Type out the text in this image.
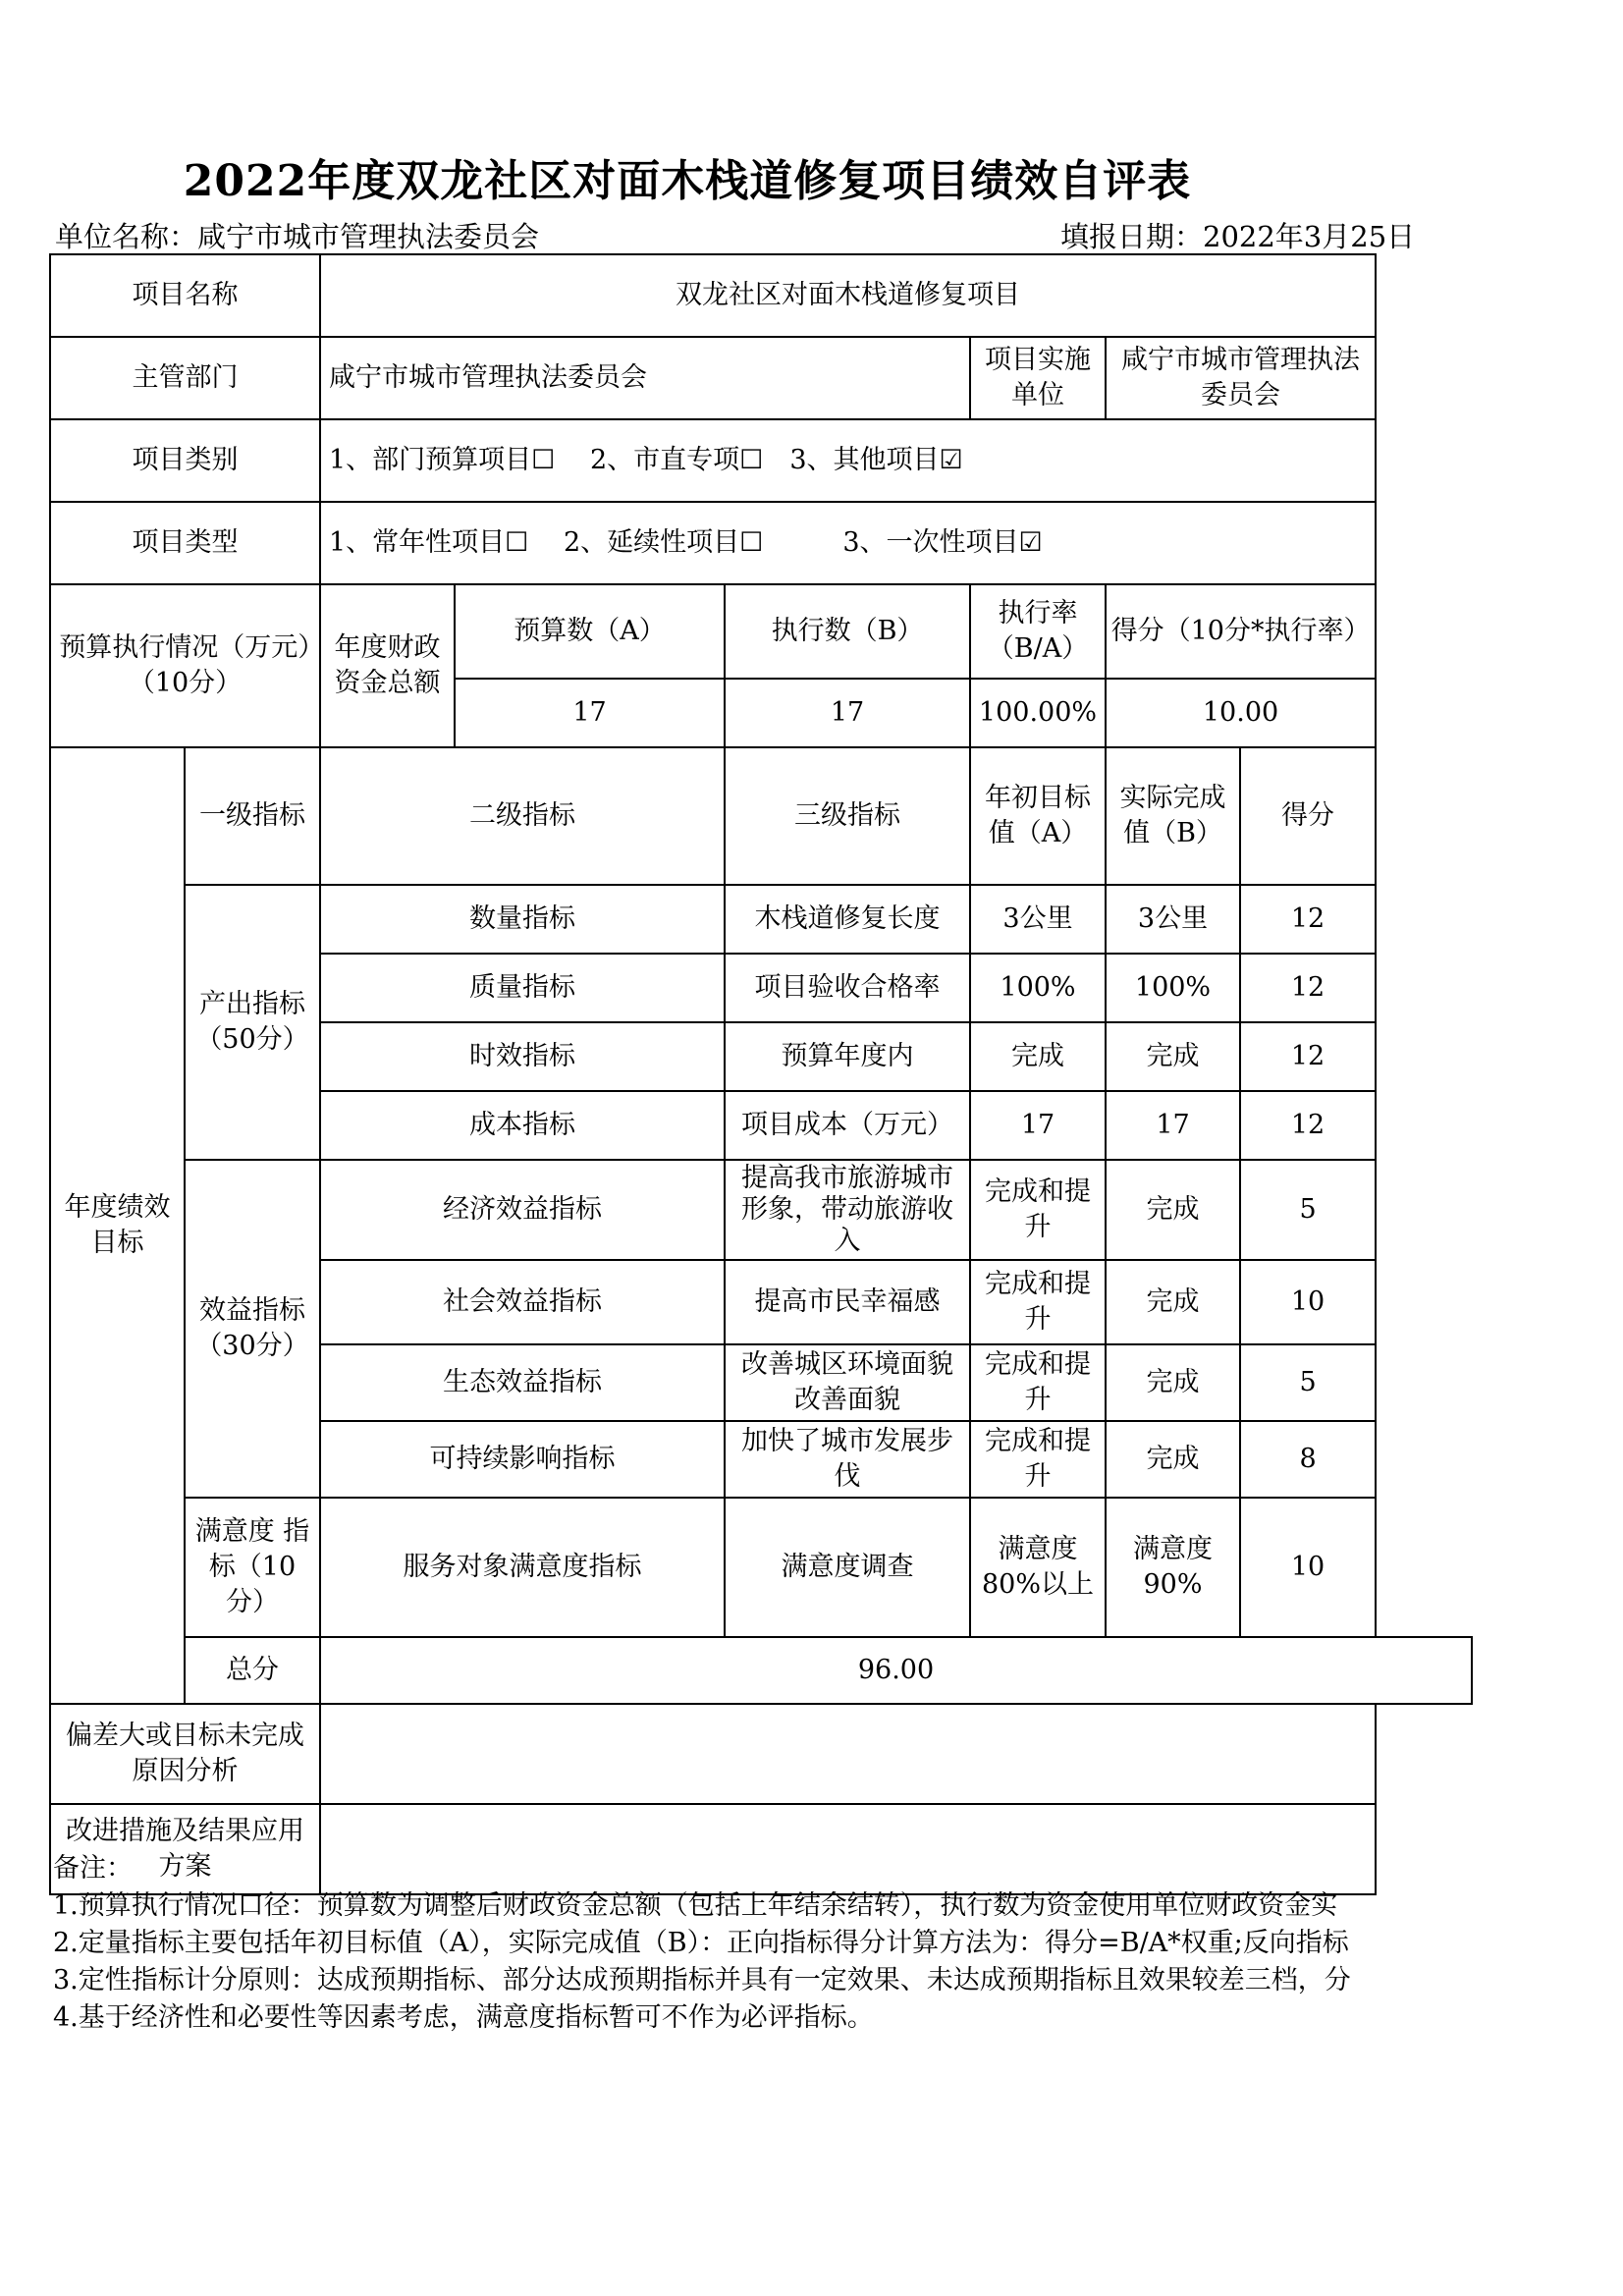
2022年度双龙社区对面木栈道修复项目绩效自评表
单位名称：咸宁市城市管理执法委员会	填报日期：2022年3月25日
项目名称		双龙社区对面木栈道修复项目					
主管部门		咸宁市城市管理执法委员会			项目实施单位	咸宁市城市管理执法委员会	
项目类别		1、部门预算项目☐　 2、市直专项☐　3、其他项目☑					
项目类型		1、常年性项目☐　 2、延续性项目☐　　　3、一次性项目☑					
预算执行情况（万元）（10分）		年度财政资金总额	预算数（A）	执行数（B）	执行率（B/A）	得分（10分*执行率）	
			17	17	100.00%	10.00	
年度绩效目标	一级指标	二级指标		三级指标	年初目标值（A）	实际完成值（B）	得分
	产出指标（50分）	数量指标		木栈道修复长度	3公里	3公里	12
		质量指标		项目验收合格率	100%	100%	12
		时效指标		预算年度内	完成	完成	12
		成本指标		项目成本（万元）	17	17	12
	效益指标（30分）	经济效益指标		提高我市旅游城市形象，带动旅游收入	完成和提升	完成	5
		社会效益指标		提高市民幸福感	完成和提升	完成	10
		生态效益指标		改善城区环境面貌改善面貌	完成和提升	完成	5
		可持续影响指标		加快了城市发展步伐	完成和提升	完成	8
	满意度 指　标（10分）	服务对象满意度指标		满意度调查	满意度80%以上	满意度90%	10
	总分	96.00					
偏差大或目标未完成原因分析							
改进措施及结果应用方案							
备注：
1.预算执行情况口径：预算数为调整后财政资金总额（包括上年结余结转），执行数为资金使用单位财政资金实
2.定量指标主要包括年初目标值（A），实际完成值（B）：正向指标得分计算方法为：得分=B/A*权重;反向指标
3.定性指标计分原则：达成预期指标、部分达成预期指标并具有一定效果、未达成预期指标且效果较差三档，分
4.基于经济性和必要性等因素考虑，满意度指标暂可不作为必评指标。
